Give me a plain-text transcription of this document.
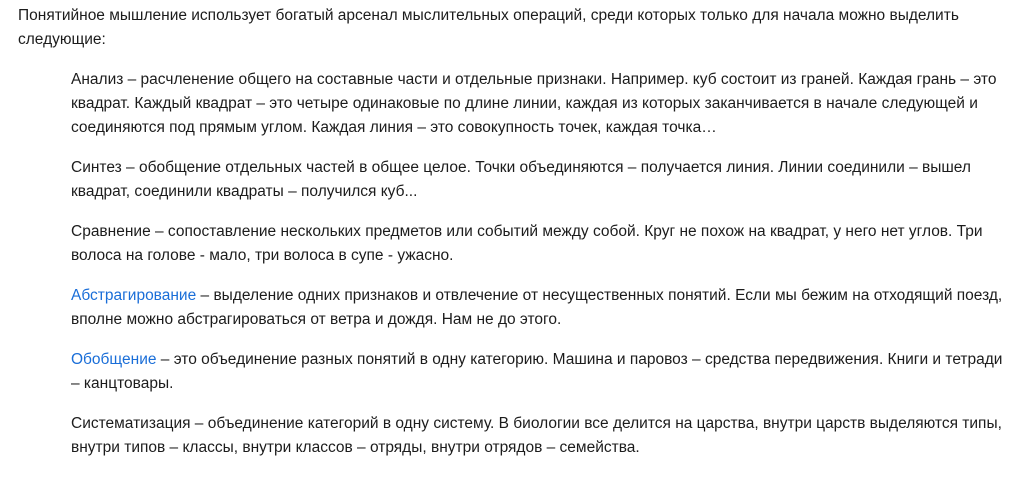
Понятийное мышление использует богатый арсенал мыслительных операций, среди которых только для начала можно выделить следующие:

Анализ – расчленение общего на составные части и отдельные признаки. Например. куб состоит из граней. Каждая грань – это квадрат. Каждый квадрат – это четыре одинаковые по длине линии, каждая из которых заканчивается в начале следующей и соединяются под прямым углом. Каждая линия – это совокупность точек, каждая точка…

Синтез – обобщение отдельных частей в общее целое. Точки объединяются – получается линия. Линии соединили – вышел квадрат, соединили квадраты – получился куб...

Сравнение – сопоставление нескольких предметов или событий между собой. Круг не похож на квадрат, у него нет углов. Три волоса на голове - мало, три волоса в супе - ужасно.

Абстрагирование – выделение одних признаков и отвлечение от несущественных понятий. Если мы бежим на отходящий поезд, вполне можно абстрагироваться от ветра и дождя. Нам не до этого.

Обобщение – это объединение разных понятий в одну категорию. Машина и паровоз – средства передвижения. Книги и тетради – канцтовары.

Систематизация – объединение категорий в одну систему. В биологии все делится на царства, внутри царств выделяются типы, внутри типов – классы, внутри классов – отряды, внутри отрядов – семейства.
